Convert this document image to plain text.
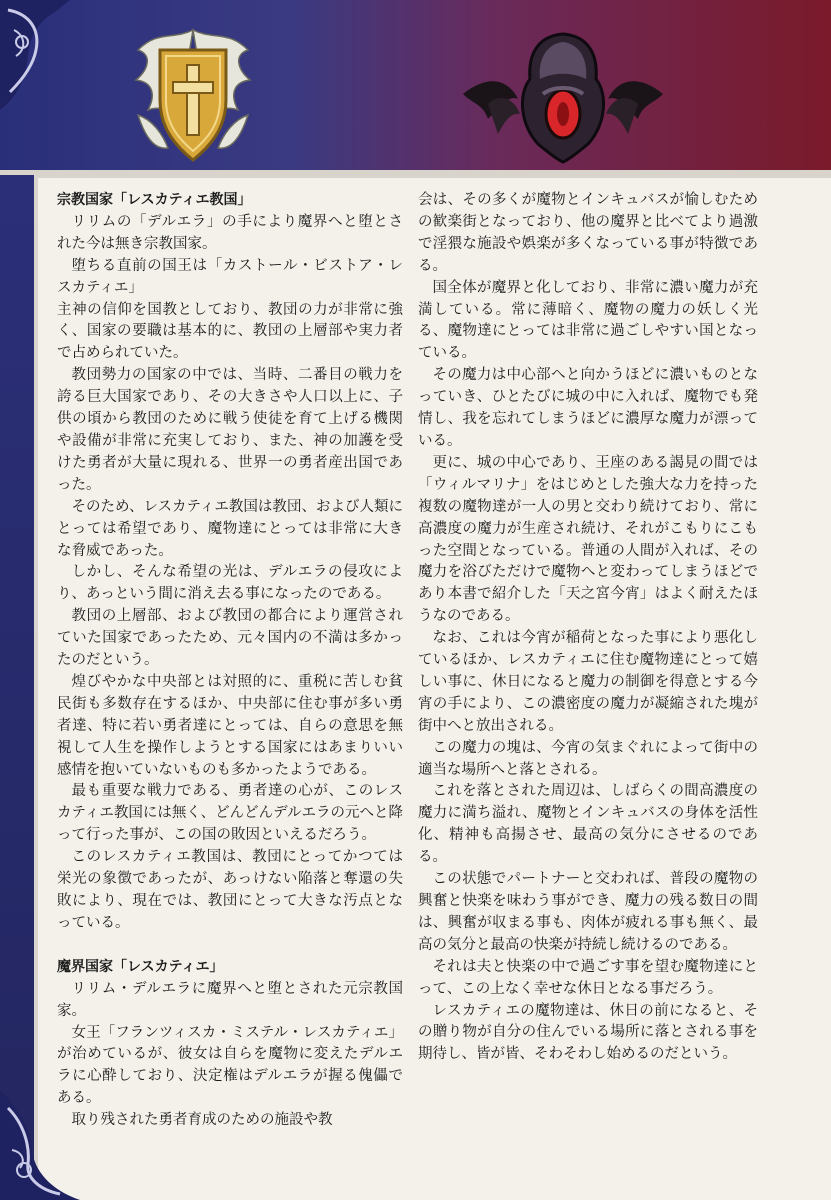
宗教国家「レスカティエ教国」

リリムの「デルエラ」の手により魔界へと堕とされた今は無き宗教国家。

堕ちる直前の国王は「カストール・ビストア・レスカティエ」

主神の信仰を国教としており、教団の力が非常に強く、国家の要職は基本的に、教団の上層部や実力者で占められていた。

教団勢力の国家の中では、当時、二番目の戦力を誇る巨大国家であり、その大きさや人口以上に、子供の頃から教団のために戦う使徒を育て上げる機関や設備が非常に充実しており、また、神の加護を受けた勇者が大量に現れる、世界一の勇者産出国であった。

そのため、レスカティエ教国は教団、および人類にとっては希望であり、魔物達にとっては非常に大きな脅威であった。

しかし、そんな希望の光は、デルエラの侵攻により、あっという間に消え去る事になったのである。

教団の上層部、および教団の都合により運営されていた国家であったため、元々国内の不満は多かったのだという。

煌びやかな中央部とは対照的に、重税に苦しむ貧民街も多数存在するほか、中央部に住む事が多い勇者達、特に若い勇者達にとっては、自らの意思を無視して人生を操作しようとする国家にはあまりいい感情を抱いていないものも多かったようである。

最も重要な戦力である、勇者達の心が、このレスカティエ教国には無く、どんどんデルエラの元へと降って行った事が、この国の敗因といえるだろう。

このレスカティエ教国は、教団にとってかつては栄光の象徴であったが、あっけない陥落と奪還の失敗により、現在では、教団にとって大きな汚点となっている。

魔界国家「レスカティエ」

リリム・デルエラに魔界へと堕とされた元宗教国家。

女王「フランツィスカ・ミステル・レスカティエ」が治めているが、彼女は自らを魔物に変えたデルエラに心酔しており、決定権はデルエラが握る傀儡である。

取り残された勇者育成のための施設や教

会は、その多くが魔物とインキュバスが愉しむための歓楽街となっており、他の魔界と比べてより過激で淫猥な施設や娯楽が多くなっている事が特徴である。

国全体が魔界と化しており、非常に濃い魔力が充満している。常に薄暗く、魔物の魔力の妖しく光る、魔物達にとっては非常に過ごしやすい国となっている。

その魔力は中心部へと向かうほどに濃いものとなっていき、ひとたびに城の中に入れば、魔物でも発情し、我を忘れてしまうほどに濃厚な魔力が漂っている。

更に、城の中心であり、王座のある謁見の間では「ウィルマリナ」をはじめとした強大な力を持った複数の魔物達が一人の男と交わり続けており、常に高濃度の魔力が生産され続け、それがこもりにこもった空間となっている。普通の人間が入れば、その魔力を浴びただけで魔物へと変わってしまうほどであり本書で紹介した「天之宮今宵」はよく耐えたほうなのである。

なお、これは今宵が稲荷となった事により悪化しているほか、レスカティエに住む魔物達にとって嬉しい事に、休日になると魔力の制御を得意とする今宵の手により、この濃密度の魔力が凝縮された塊が街中へと放出される。

この魔力の塊は、今宵の気まぐれによって街中の適当な場所へと落とされる。

これを落とされた周辺は、しばらくの間高濃度の魔力に満ち溢れ、魔物とインキュバスの身体を活性化、精神も高揚させ、最高の気分にさせるのである。

この状態でパートナーと交われば、普段の魔物の興奮と快楽を味わう事ができ、魔力の残る数日の間は、興奮が収まる事も、肉体が疲れる事も無く、最高の気分と最高の快楽が持続し続けるのである。

それは夫と快楽の中で過ごす事を望む魔物達にとって、この上なく幸せな休日となる事だろう。

レスカティエの魔物達は、休日の前になると、その贈り物が自分の住んでいる場所に落とされる事を期待し、皆が皆、そわそわし始めるのだという。
